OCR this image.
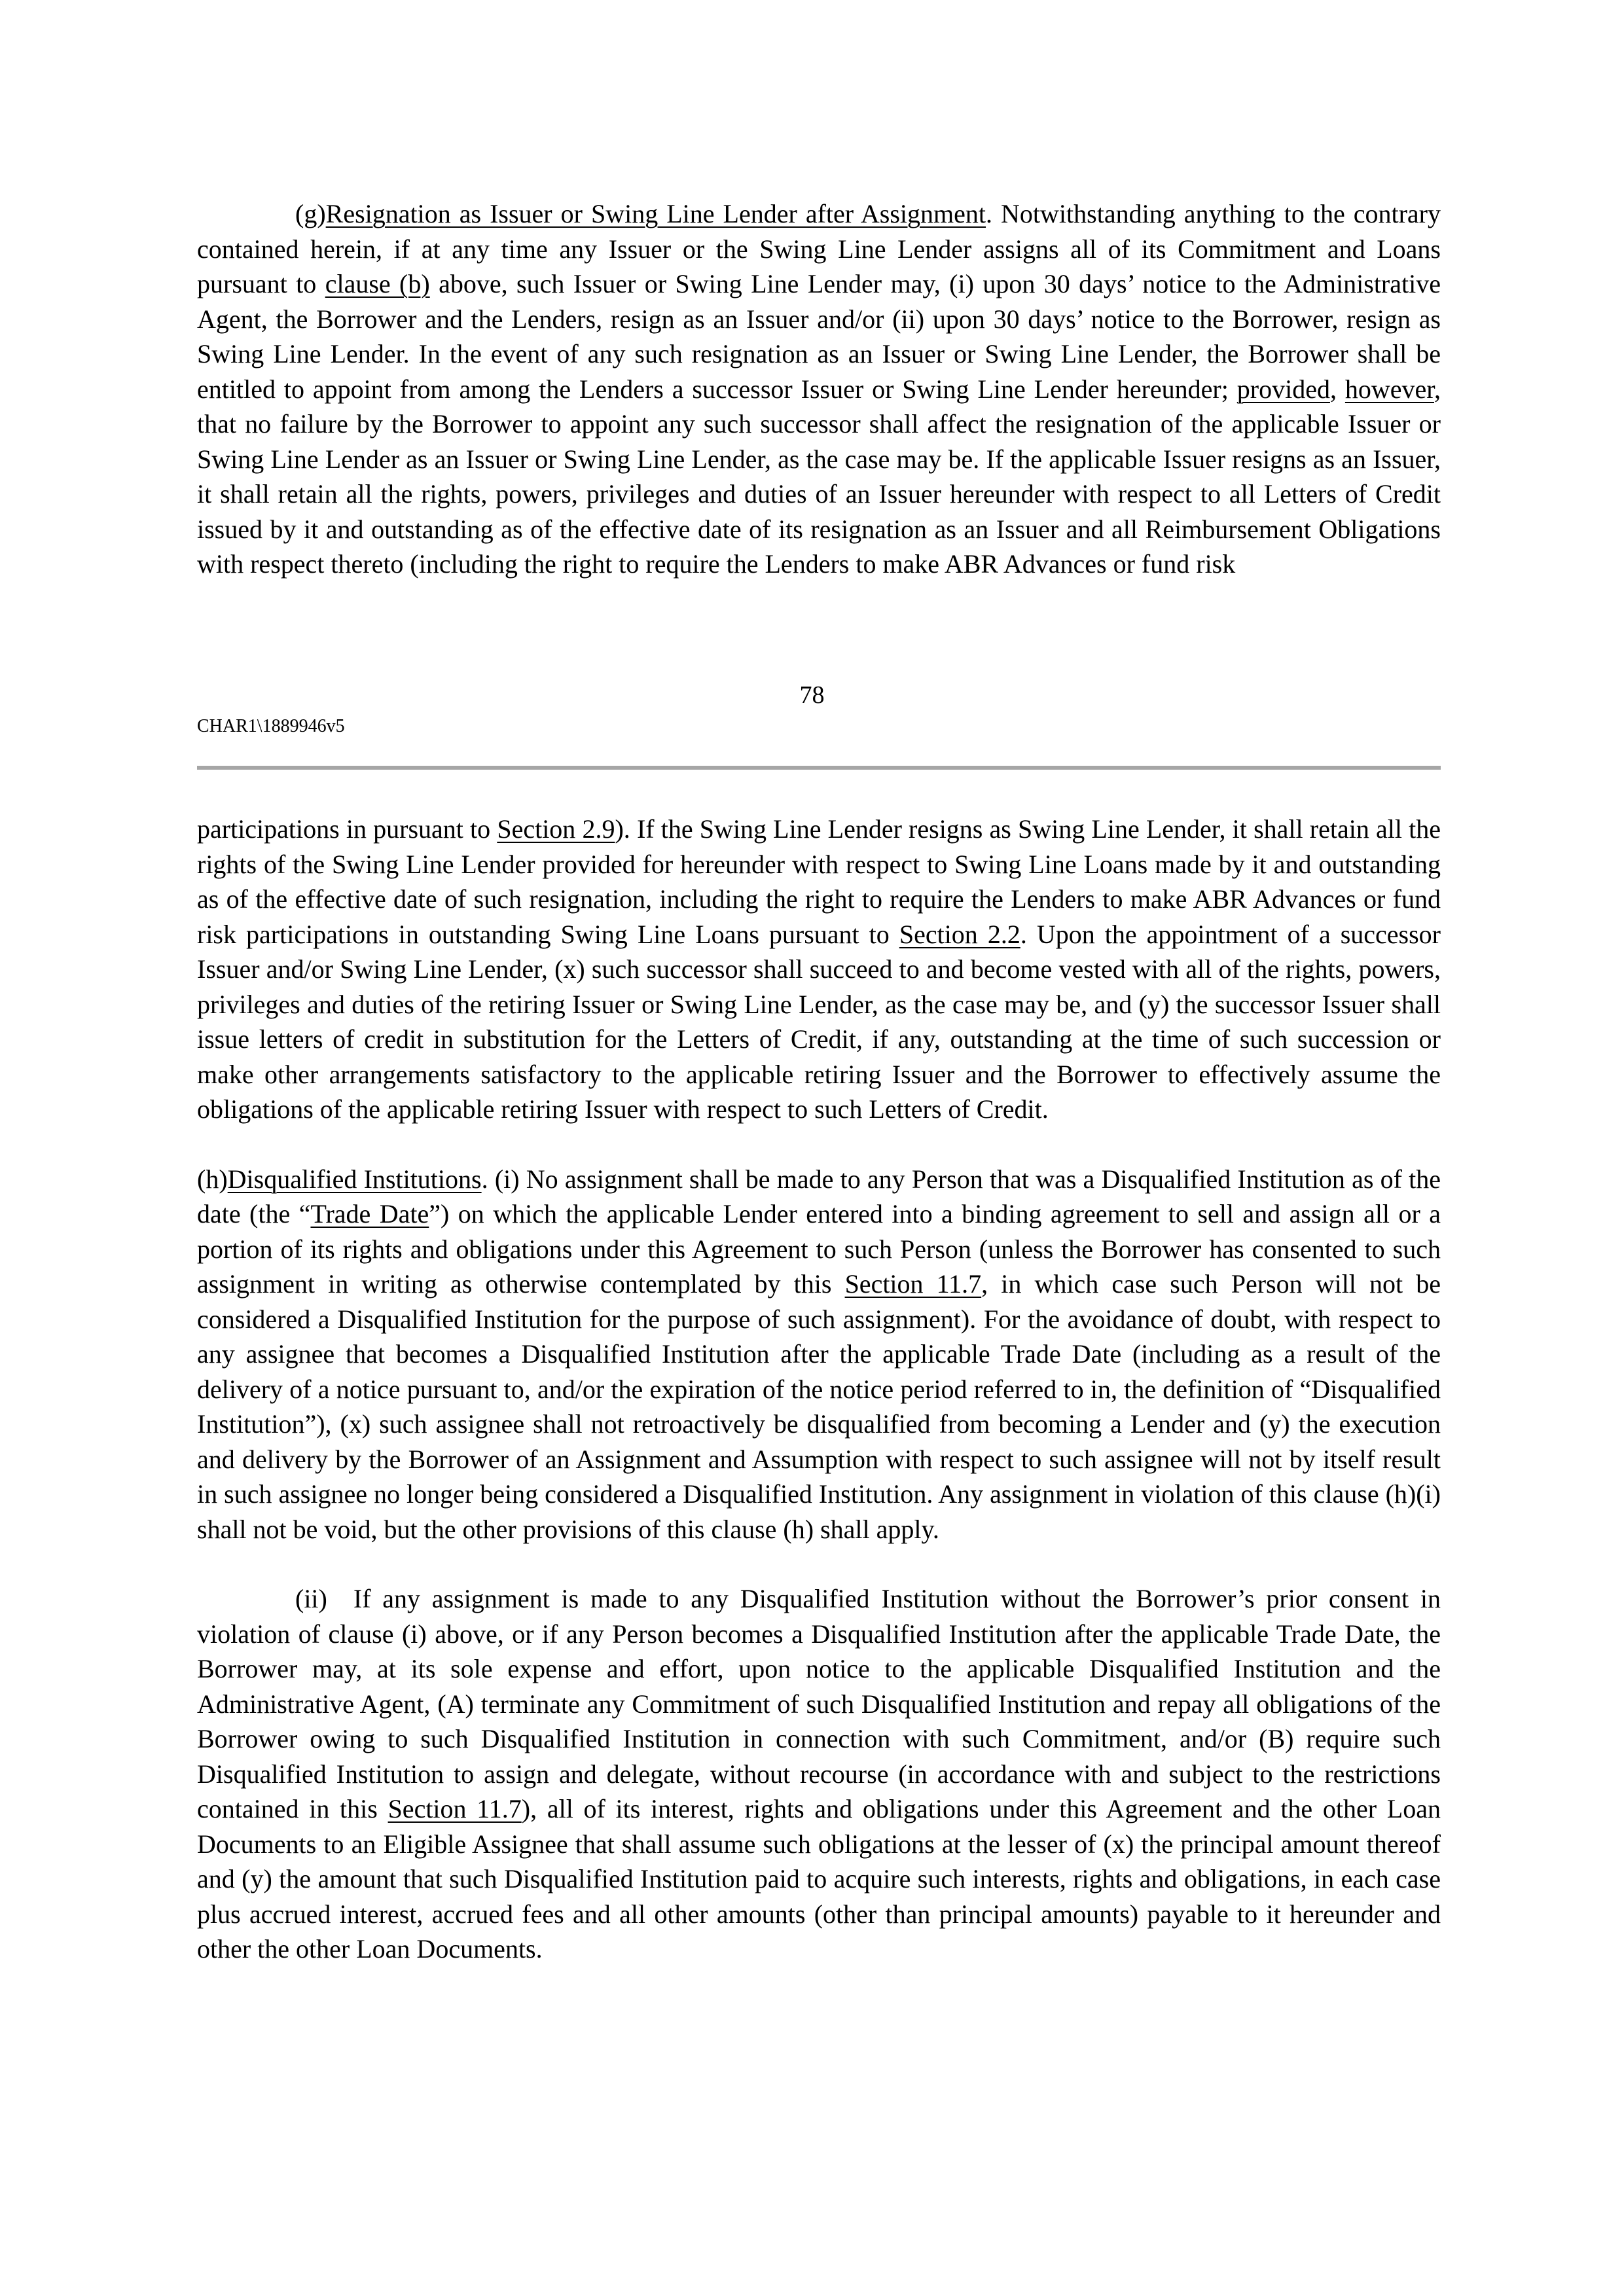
(g)Resignation as Issuer or Swing Line Lender after Assignment. Notwithstanding anything to the contrary contained herein, if at any time any Issuer or the Swing Line Lender assigns all of its Commitment and Loans pursuant to clause (b) above, such Issuer or Swing Line Lender may, (i) upon 30 days’ notice to the Administrative Agent, the Borrower and the Lenders, resign as an Issuer and/or (ii) upon 30 days’ notice to the Borrower, resign as Swing Line Lender. In the event of any such resignation as an Issuer or Swing Line Lender, the Borrower shall be entitled to appoint from among the Lenders a successor Issuer or Swing Line Lender hereunder; provided, however, that no failure by the Borrower to appoint any such successor shall affect the resignation of the applicable Issuer or Swing Line Lender as an Issuer or Swing Line Lender, as the case may be. If the applicable Issuer resigns as an Issuer, it shall retain all the rights, powers, privileges and duties of an Issuer hereunder with respect to all Letters of Credit issued by it and outstanding as of the effective date of its resignation as an Issuer and all Reimbursement Obligations with respect thereto (including the right to require the Lenders to make ABR Advances or fund risk

78
CHAR1\1889946v5

participations in pursuant to Section 2.9). If the Swing Line Lender resigns as Swing Line Lender, it shall retain all the rights of the Swing Line Lender provided for hereunder with respect to Swing Line Loans made by it and outstanding as of the effective date of such resignation, including the right to require the Lenders to make ABR Advances or fund risk participations in outstanding Swing Line Loans pursuant to Section 2.2. Upon the appointment of a successor Issuer and/or Swing Line Lender, (x) such successor shall succeed to and become vested with all of the rights, powers, privileges and duties of the retiring Issuer or Swing Line Lender, as the case may be, and (y) the successor Issuer shall issue letters of credit in substitution for the Letters of Credit, if any, outstanding at the time of such succession or make other arrangements satisfactory to the applicable retiring Issuer and the Borrower to effectively assume the obligations of the applicable retiring Issuer with respect to such Letters of Credit.

(h)Disqualified Institutions. (i) No assignment shall be made to any Person that was a Disqualified Institution as of the date (the “Trade Date”) on which the applicable Lender entered into a binding agreement to sell and assign all or a portion of its rights and obligations under this Agreement to such Person (unless the Borrower has consented to such assignment in writing as otherwise contemplated by this Section 11.7, in which case such Person will not be considered a Disqualified Institution for the purpose of such assignment). For the avoidance of doubt, with respect to any assignee that becomes a Disqualified Institution after the applicable Trade Date (including as a result of the delivery of a notice pursuant to, and/or the expiration of the notice period referred to in, the definition of “Disqualified Institution”), (x) such assignee shall not retroactively be disqualified from becoming a Lender and (y) the execution and delivery by the Borrower of an Assignment and Assumption with respect to such assignee will not by itself result in such assignee no longer being considered a Disqualified Institution. Any assignment in violation of this clause (h)(i) shall not be void, but the other provisions of this clause (h) shall apply.

(ii) If any assignment is made to any Disqualified Institution without the Borrower’s prior consent in violation of clause (i) above, or if any Person becomes a Disqualified Institution after the applicable Trade Date, the Borrower may, at its sole expense and effort, upon notice to the applicable Disqualified Institution and the Administrative Agent, (A) terminate any Commitment of such Disqualified Institution and repay all obligations of the Borrower owing to such Disqualified Institution in connection with such Commitment, and/or (B) require such Disqualified Institution to assign and delegate, without recourse (in accordance with and subject to the restrictions contained in this Section 11.7), all of its interest, rights and obligations under this Agreement and the other Loan Documents to an Eligible Assignee that shall assume such obligations at the lesser of (x) the principal amount thereof and (y) the amount that such Disqualified Institution paid to acquire such interests, rights and obligations, in each case plus accrued interest, accrued fees and all other amounts (other than principal amounts) payable to it hereunder and other the other Loan Documents.
